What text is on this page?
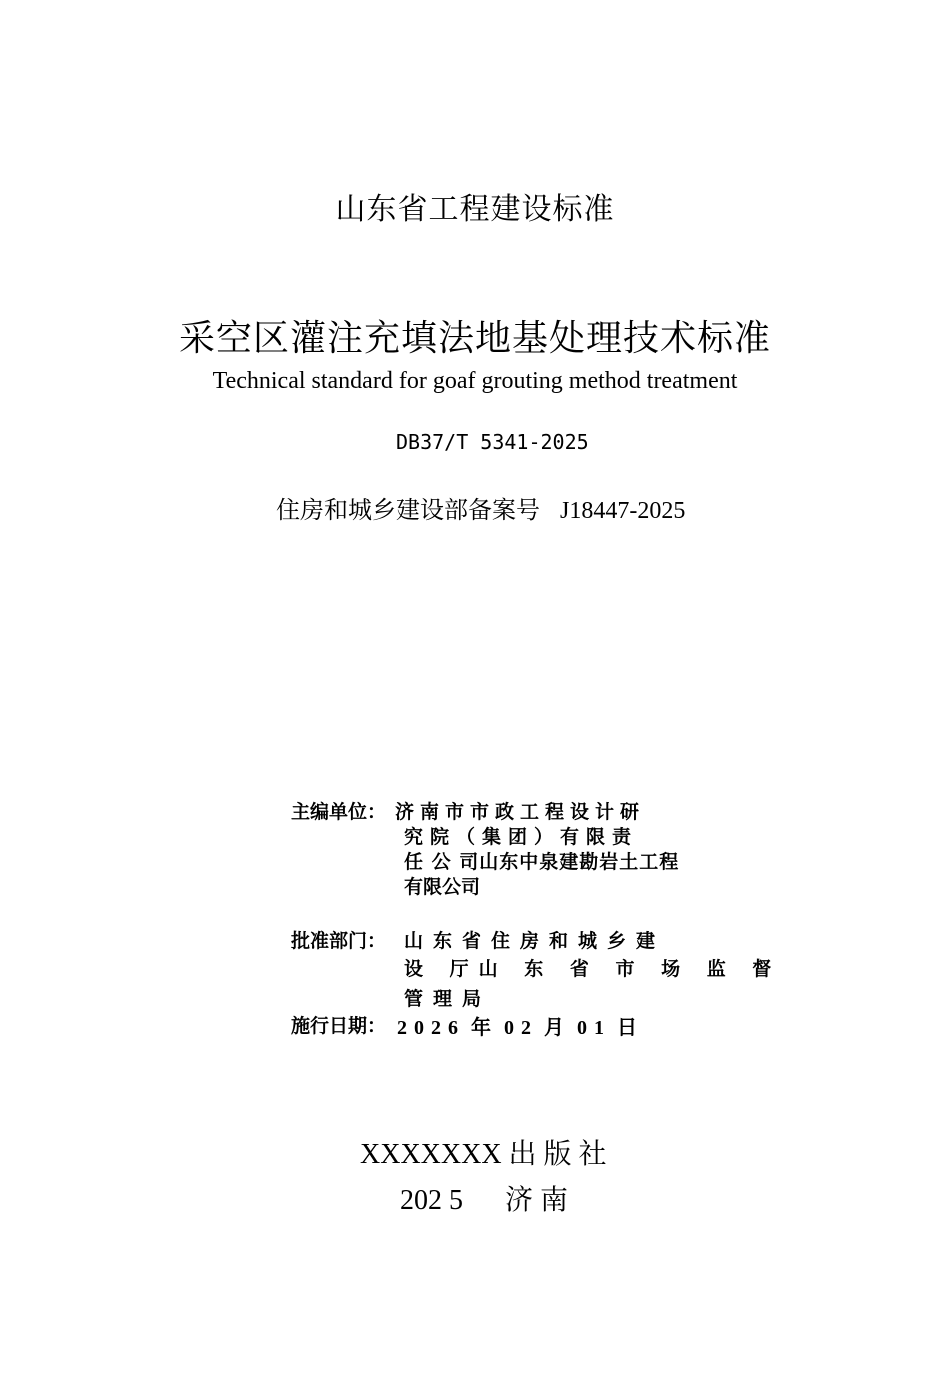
山东省工程建设标准
采空区灌注充填法地基处理技术标准
Technical standard for goaf grouting method treatment
DB37/T 5341-2025
住房和城乡建设部备案号 J18447-2025
主编单位： 济南市市政工程设计研
究院（集团）有限责
任 公 司山东中泉建勘岩土工程
有限公司
批准部门： 山东省住房和城乡建
设 厅山 东 省 市 场 监 督
管理局
施行日期： 2 0 2 6  年  0 2  月  0 1  日
XXXXXXX 出 版 社
202 5      济 南
